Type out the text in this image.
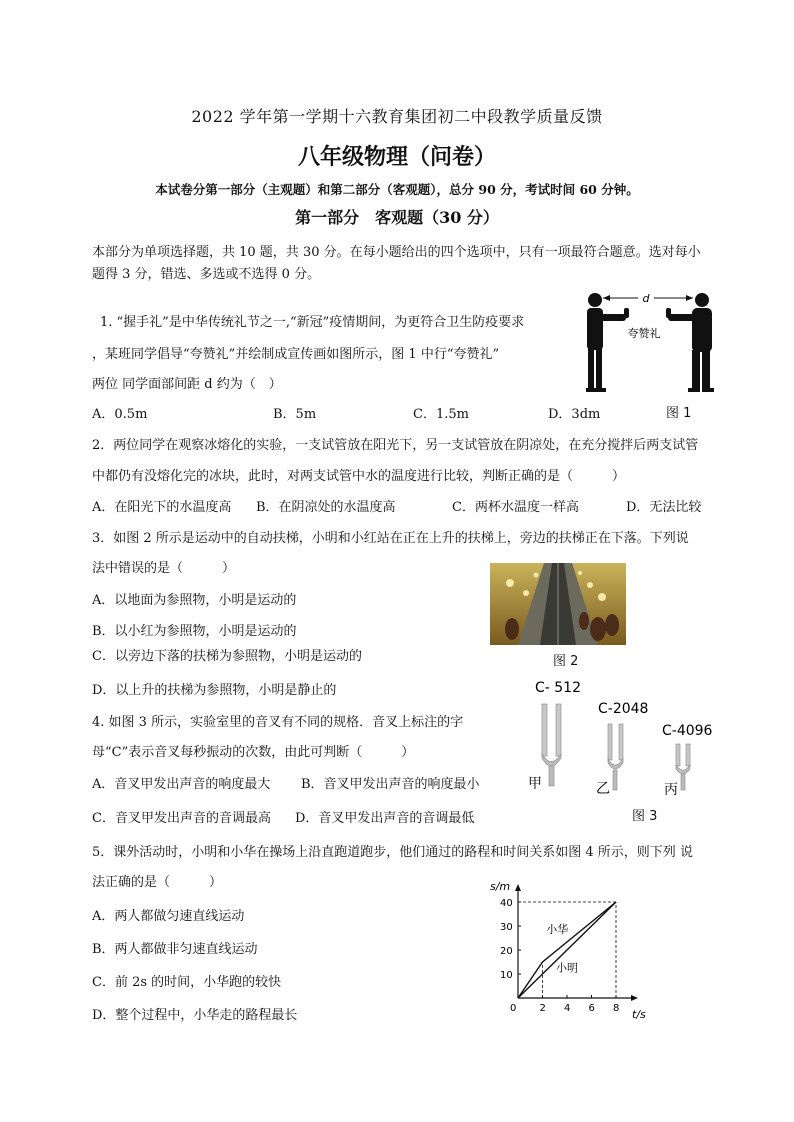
2022 学年第一学期十六教育集团初二中段教学质量反馈
八年级物理（问卷）
本试卷分第一部分（主观题）和第二部分（客观题），总分 90 分，考试时间 60 分钟。
第一部分　客观题（30 分）
本部分为单项选择题，共 10 题，共 30 分。在每小题给出的四个选项中，只有一项最符合题意。选对每小题得 3 分，错选、多选或不选得 0 分。
1. “握手礼”是中华传统礼节之一,“新冠”疫情期间，为更符合卫生防疫要求
，某班同学倡导“夸赞礼”并绘制成宣传画如图所示，图 1 中行“夸赞礼”
两位 同学面部间距 d 约为（　）
A．0.5m	B．5m	C．1.5m	D．3dm
d
夸赞礼
图 1
2．两位同学在观察冰熔化的实验，一支试管放在阳光下，另一支试管放在阴凉处，在充分搅拌后两支试管
中都仍有没熔化完的冰块，此时，对两支试管中水的温度进行比较，判断正确的是（　　　）
A．在阳光下的水温度高 B．在阴凉处的水温度高	C．两杯水温度一样高	D．无法比较
3．如图 2 所示是运动中的自动扶梯，小明和小红站在正在上升的扶梯上，旁边的扶梯正在下落。下列说
法中错误的是（　　　）
A．以地面为参照物，小明是运动的
B．以小红为参照物，小明是运动的
C．以旁边下落的扶梯为参照物，小明是运动的
D．以上升的扶梯为参照物，小明是静止的
图 2
4. 如图 3 所示，实验室里的音叉有不同的规格．音叉上标注的字
母“C”表示音叉每秒振动的次数，由此可判断（　　　）
A．音叉甲发出声音的响度最大 B．音叉甲发出声音的响度最小
C．音叉甲发出声音的音调最高 D．音叉甲发出声音的音调最低
C- 512
甲
C-2048
乙
C-4096
丙
图 3
5．课外活动时，小明和小华在操场上沿直跑道跑步，他们通过的路程和时间关系如图 4 所示，则下列 说
法正确的是（　　　）
A．两人都做匀速直线运动
B．两人都做非匀速直线运动
C．前 2s 的时间，小华跑的较快
D．整个过程中，小华走的路程最长
s/m
t/s
0 2 4 6 8
10
20
30
40
小华
小明
